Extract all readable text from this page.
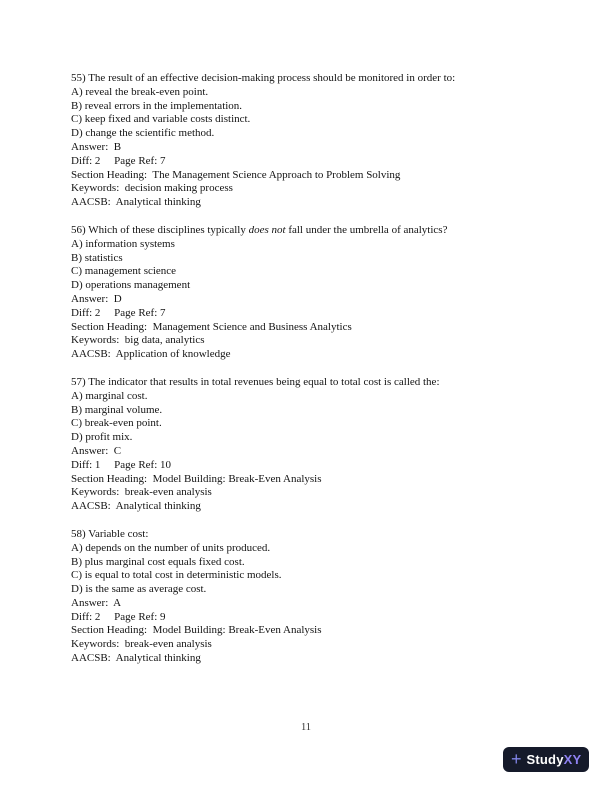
55) The result of an effective decision-making process should be monitored in order to:
A) reveal the break-even point.
B) reveal errors in the implementation.
C) keep fixed and variable costs distinct.
D) change the scientific method.
Answer:  B
Diff: 2     Page Ref: 7
Section Heading:  The Management Science Approach to Problem Solving
Keywords:  decision making process
AACSB:  Analytical thinking
56) Which of these disciplines typically does not fall under the umbrella of analytics?
A) information systems
B) statistics
C) management science
D) operations management
Answer:  D
Diff: 2     Page Ref: 7
Section Heading:  Management Science and Business Analytics
Keywords:  big data, analytics
AACSB:  Application of knowledge
57) The indicator that results in total revenues being equal to total cost is called the:
A) marginal cost.
B) marginal volume.
C) break-even point.
D) profit mix.
Answer:  C
Diff: 1     Page Ref: 10
Section Heading:  Model Building: Break-Even Analysis
Keywords:  break-even analysis
AACSB:  Analytical thinking
58) Variable cost:
A) depends on the number of units produced.
B) plus marginal cost equals fixed cost.
C) is equal to total cost in deterministic models.
D) is the same as average cost.
Answer:  A
Diff: 2     Page Ref: 9
Section Heading:  Model Building: Break-Even Analysis
Keywords:  break-even analysis
AACSB:  Analytical thinking
11
+ StudyXY
